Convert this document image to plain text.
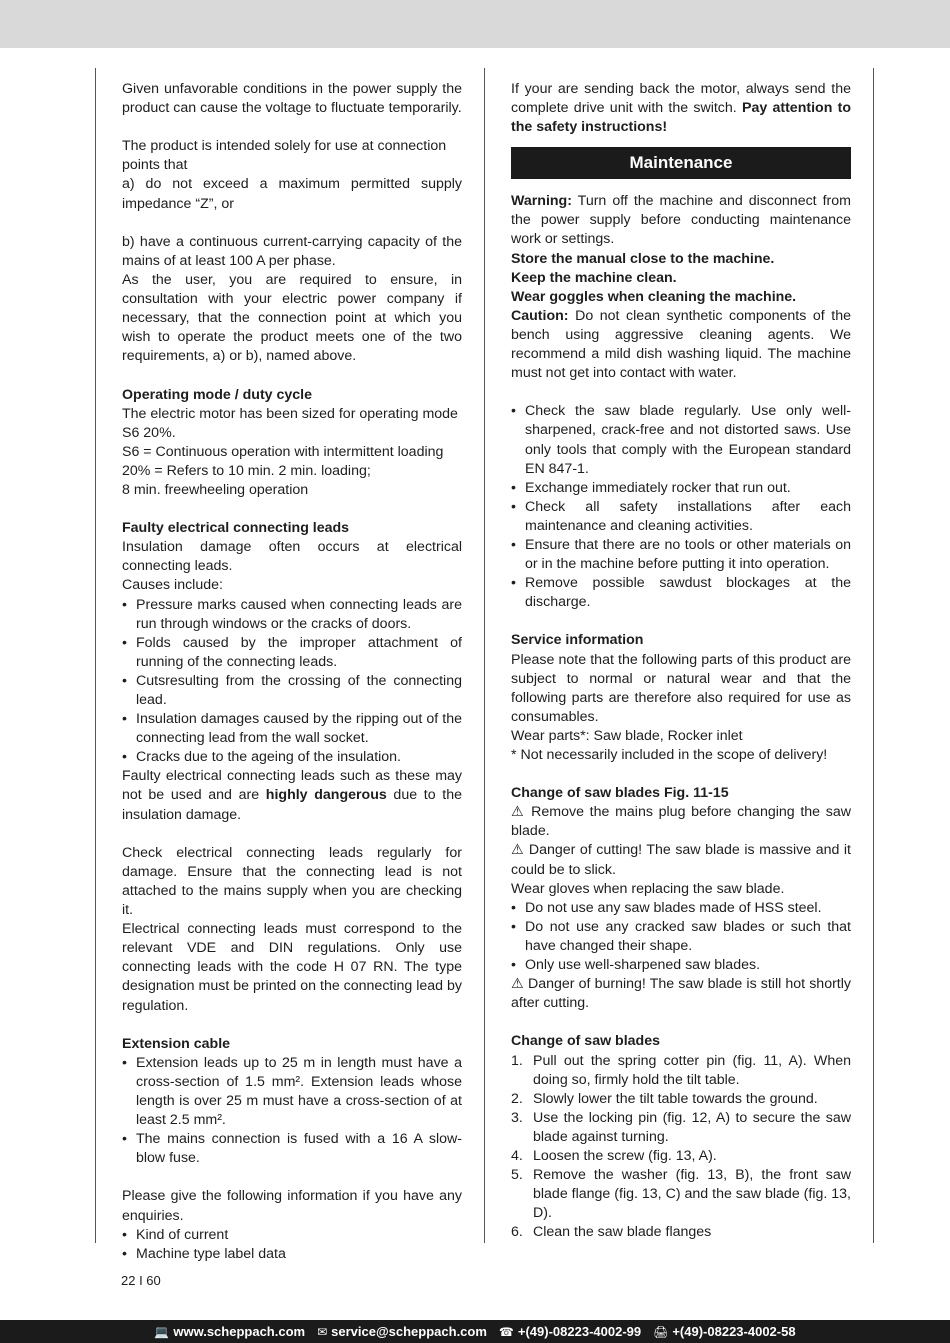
Given unfavorable conditions in the power supply the product can cause the voltage to fluctuate temporarily.

The product is intended solely for use at connection points that

a) do not exceed a maximum permitted supply impedance “Z”, or

b) have a continuous current-carrying capacity of the mains of at least 100 A per phase.

As the user, you are required to ensure, in consultation with your electric power company if necessary, that the connection point at which you wish to operate the product meets one of the two requirements, a) or b), named above.

Operating mode / duty cycle

The electric motor has been sized for operating mode S6 20%.

S6 = Continuous operation with intermittent loading

20% = Refers to 10 min. 2 min. loading;

8 min. freewheeling operation

Faulty electrical connecting leads

Insulation damage often occurs at electrical connecting leads.

Causes include:

• Pressure marks caused when connecting leads are run through windows or the cracks of doors.
• Folds caused by the improper attachment of running of the connecting leads.
• Cutsresulting from the crossing of the connecting lead.
• Insulation damages caused by the ripping out of the connecting lead from the wall socket.
• Cracks due to the ageing of the insulation.

Faulty electrical connecting leads such as these may not be used and are highly dangerous due to the insulation damage.

Check electrical connecting leads regularly for damage. Ensure that the connecting lead is not attached to the mains supply when you are checking it.

Electrical connecting leads must correspond to the relevant VDE and DIN regulations. Only use connecting leads with the code H 07 RN. The type designation must be printed on the connecting lead by regulation.

Extension cable

• Extension leads up to 25 m in length must have a cross-section of 1.5 mm². Extension leads whose length is over 25 m must have a cross-section of at least 2.5 mm².
• The mains connection is fused with a 16 A slow-blow fuse.

Please give the following information if you have any enquiries.

• Kind of current
• Machine type label data

If your are sending back the motor, always send the complete drive unit with the switch. Pay attention to the safety instructions!

Maintenance

Warning: Turn off the machine and disconnect from the power supply before conducting maintenance work or settings.

Store the manual close to the machine.

Keep the machine clean.

Wear goggles when cleaning the machine.

Caution: Do not clean synthetic components of the bench using aggressive cleaning agents. We recommend a mild dish washing liquid. The machine must not get into contact with water.

• Check the saw blade regularly. Use only well-sharpened, crack-free and not distorted saws. Use only tools that comply with the European standard EN 847-1.
• Exchange immediately rocker that run out.
• Check all safety installations after each maintenance and cleaning activities.
• Ensure that there are no tools or other materials on or in the machine before putting it into operation.
• Remove possible sawdust blockages at the discharge.

Service information

Please note that the following parts of this product are subject to normal or natural wear and that the following parts are therefore also required for use as consumables.

Wear parts*: Saw blade, Rocker inlet

* Not necessarily included in the scope of delivery!

Change of saw blades Fig. 11-15

⚠ Remove the mains plug before changing the saw blade.

⚠ Danger of cutting! The saw blade is massive and it could be to slick.

Wear gloves when replacing the saw blade.

• Do not use any saw blades made of HSS steel.
• Do not use any cracked saw blades or such that have changed their shape.
• Only use well-sharpened saw blades.

⚠ Danger of burning! The saw blade is still hot shortly after cutting.

Change of saw blades

1. Pull out the spring cotter pin (fig. 11, A). When doing so, firmly hold the tilt table.
2. Slowly lower the tilt table towards the ground.
3. Use the locking pin (fig. 12, A) to secure the saw blade against turning.
4. Loosen the screw (fig. 13, A).
5. Remove the washer (fig. 13, B), the front saw blade flange (fig. 13, C) and the saw blade (fig. 13, D).
6. Clean the saw blade flanges
22 I 60
💻 www.scheppach.com ✉ service@scheppach.com ☎ +(49)-08223-4002-99 🖨 +(49)-08223-4002-58
